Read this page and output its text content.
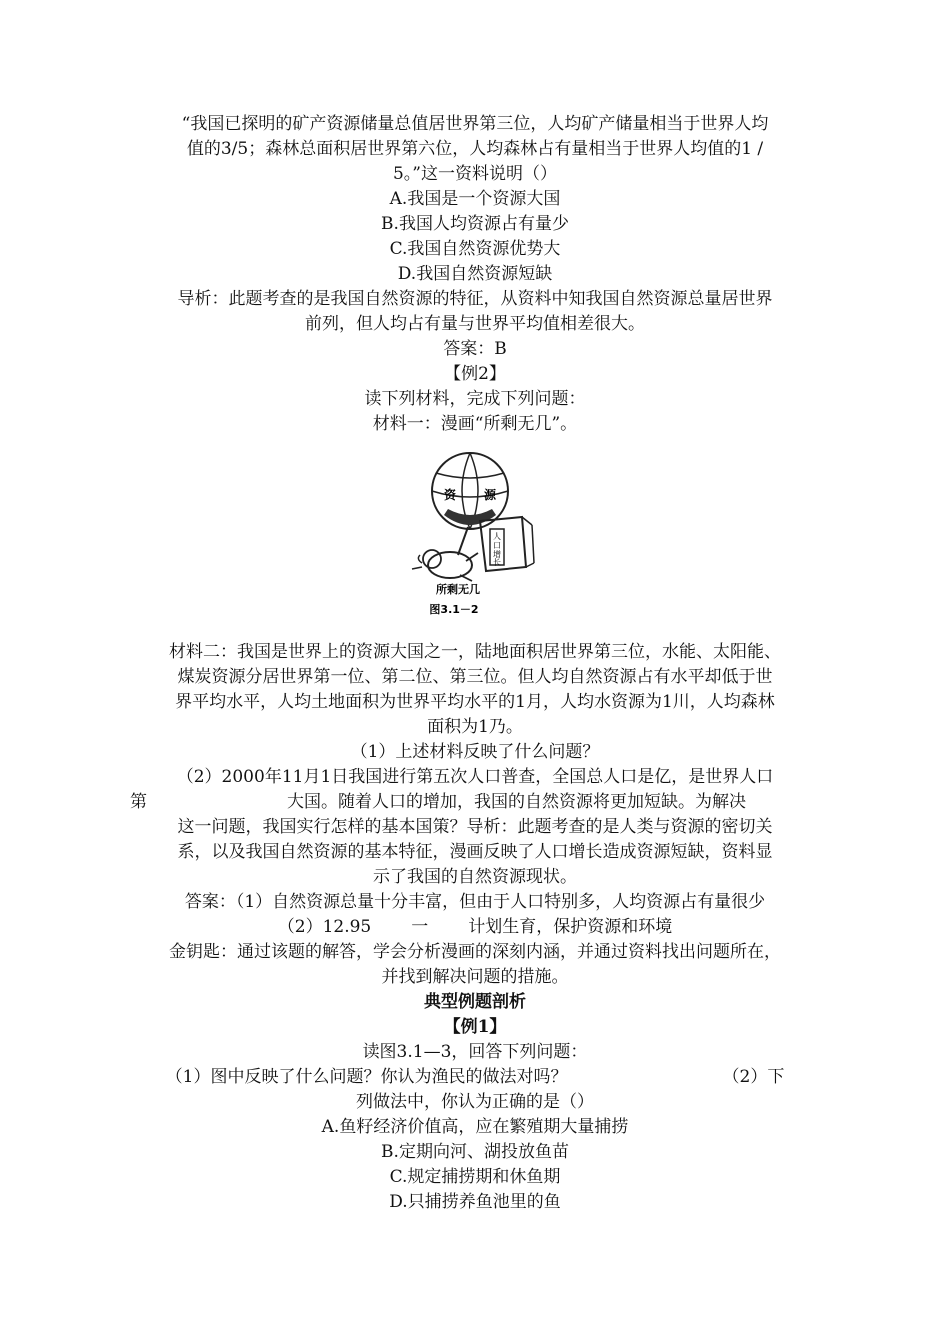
“我国已探明的矿产资源储量总值居世界第三位，人均矿产储量相当于世界人均

值的3/5；森林总面积居世界第六位，人均森林占有量相当于世界人均值的1 /

5。”这一资料说明（）

A.我国是一个资源大国

B.我国人均资源占有量少

C.我国自然资源优势大

D.我国自然资源短缺

导析：此题考查的是我国自然资源的特征，从资料中知我国自然资源总量居世界

前列，但人均占有量与世界平均值相差很大。

答案：B

【例2】

读下列材料，完成下列问题：

材料一：漫画“所剩无几”。

资 源
人
口
增
长
所剩无几
图3.1－2

材料二：我国是世界上的资源大国之一，陆地面积居世界第三位，水能、太阳能、

煤炭资源分居世界第一位、第二位、第三位。但人均自然资源占有水平却低于世

界平均水平，人均土地面积为世界平均水平的1月，人均水资源为1川，人均森林

面积为1乃。

（1）上述材料反映了什么问题？

（2）2000年11月1日我国进行第五次人口普查，全国总人口是亿，是世界人口

第	大国。随着人口的增加，我国的自然资源将更加短缺。为解决

这一问题，我国实行怎样的基本国策？导析：此题考查的是人类与资源的密切关

系，以及我国自然资源的基本特征，漫画反映了人口增长造成资源短缺，资料显

示了我国的自然资源现状。

答案：（1）自然资源总量十分丰富，但由于人口特别多，人均资源占有量很少

（2）12.95 一 计划生育，保护资源和环境

金钥匙：通过该题的解答，学会分析漫画的深刻内涵，并通过资料找出问题所在，

并找到解决问题的措施。

典型例题剖析

【例1】

读图3.1—3，回答下列问题：

（1）图中反映了什么问题？你认为渔民的做法对吗？	（2）下

列做法中，你认为正确的是（）

A.鱼籽经济价值高，应在繁殖期大量捕捞

B.定期向河、湖投放鱼苗

C.规定捕捞期和休鱼期

D.只捕捞养鱼池里的鱼
